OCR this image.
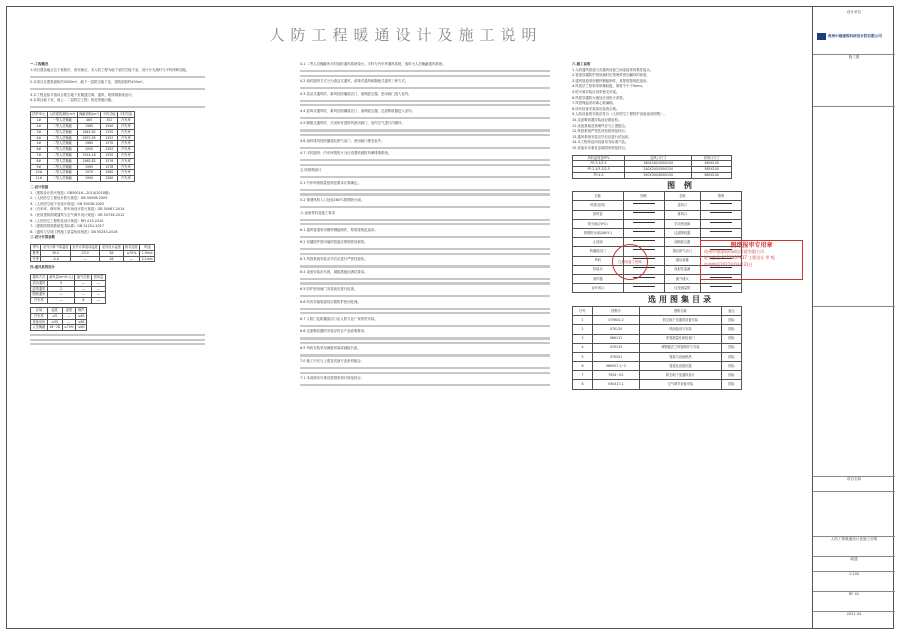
人防工程暖通设计及施工说明

一.工程概况

1.项目建设地点位于贵阳市，贵安新区，本人防工程为地下室防空地下室，设计分为战时与平时两种功能。

2.本项目总建筑面积约5000m²，地下一层防空地下室，建筑面积约450m²。

3.本工程包括平战结合防空地下室暖通空调、通风、防排烟系统设计。

4.本项目地下室，地上：二层防空工程；防化等级丙级。

防护单元	人防建筑面积(m²)	掩蔽面积(m²)	平时功能	平时功能
1#	一等人员掩蔽	465	352	汽车库
2#	二等人员掩蔽	1980	1590	汽车库
3#	二等人员掩蔽	1645.82	1330	汽车库
4#	二等人员掩蔽	1672.95	1352	汽车库
5#	二等人员掩蔽	1980	1570	汽车库
6#	二等人员掩蔽	2000	1592	汽车库
7#	二等人员掩蔽	1914.18	1550	汽车库
8#	二等人员掩蔽	1985.82	1576	汽车库
9#	二等人员掩蔽	1990	1578	汽车库
10#	二等人员掩蔽	1970	1560	汽车库
11#	二等人员掩蔽	1990	1580	汽车库

二.设计依据

1.《建筑设计防火规范》GB50016—2014(2018版)

2.《人民防空工程设计防火规范》GB 50098-2009

3.《人民防空地下室设计规范》GB 50038-2005

4.《汽车库、修车库、停车场设计防火规范》GB 50067-2014

5.《民用建筑供暖通风与空气调节设计规范》GB 50736-2012

6.《人民防空工程防化设计规范》RFJ 013-2010

7.《建筑防排烟系统技术标准》GB 51251-2017

8.《通风与空调工程施工质量验收规范》GB 50243-2016

三.设计计算参数

季节	室外计算干球温度	室外计算湿球温度	室内设计温度	相对湿度	风速
夏季	30.0	23.0	28	≤70%	1.9m/s
冬季	-4.0	—	16	—	2.1m/s

四.通风系统设计

通风方式	新风量(m³/h·人)	换气次数	排风量
清洁通风	5	—	—
滤毒通风	2	—	—
隔绝通风	—	—	—
汽车库	—	6	—
区域	温度	湿度	噪声
汽车库	≥5	—	≤65
设备用房	≤35	—	≤65
人员掩蔽	16~28	≤70%	≤60

4.1 二等人员掩蔽所平时战时通风系统设计。平时为汽车库通风系统，战时为人员掩蔽通风系统。

4.2 战时通风方式分为清洁式通风、滤毒式通风和隔绝式通风三种方式。

4.3 清洁式通风时，新风经防爆波活门、油网滤尘器、密闭阀门进入室内。

4.4 滤毒式通风时，新风经防爆波活门、油网滤尘器、过滤吸收器进入室内。

4.5 隔绝式通风时，关闭所有进排风密闭阀门，室内空气进行内循环。

4.6 战时排风经防爆超压排气活门、密闭阀门排至室外。

4.7 平时通风：汽车库按防火分区设置机械排风兼排烟系统。

五.防排烟设计

5.1 汽车库排烟量按规范要求计算确定。

5.2 排烟风机入口处设280℃排烟防火阀。

六.设备材料及施工要求

6.1 通风管道采用镀锌钢板制作，厚度按规范选用。

6.2 穿越防护密闭墙的管道应预埋密闭套管。

6.3 风管系统安装完毕后应进行严密性检验。

6.4 设备安装应牢固，减振措施应满足要求。

6.5 防护密闭阀门安装前应进行检查。

6.6 所有穿墙管道均应做防护密闭处理。

6.7 人防门及防爆波活门由人防专业厂家供货安装。

6.8 过滤吸收器的安装应符合产品说明要求。

6.9 风机安装采用减振吊架或减振台座。

7.0 施工中应与土建及其他专业密切配合。

7.1 本说明未尽事宜按国家现行规范执行。

六.施工说明

1.人防通风管道与各通风设备之间连接采用柔性接头。

2.管道穿越防护密闭墙时应预埋带密闭翼环的套管。

3.通风管道采用镀锌钢板制作，其厚度按规范选用。

4.风管法兰垫料采用橡胶板，厚度不小于5mm。

5.防火阀安装应设单独支吊架。

6.风管穿越防火墙处应设防火套管。

7.风管保温采用离心玻璃棉。

8.所有设备安装前应检查合格。

9.人防设备的安装应符合《人民防空工程防护设备选用图集》。

10.过滤吸收器安装前应做检验。

11.设备基础及预埋件应与土建配合。

12.风管系统严密性试验按规范执行。

13.通风系统安装完毕后应进行试运转。

14.本工程所选用设备均为标准产品。

15.其他未尽事宜参照国家规范执行。

风机盘管及FPV	送风口尺寸	回风口尺寸
FP-3.2/2.5	180X180/400X100	460X140
FP-2.5/3.2/2.5	240X240/500X150	585X140
FP-4.5	300X300/800X150	685X140
图 例
名称	图例	名称	图例
风管(送风)		送风口	
排风管		排风口	
防火阀(70℃)		手动密闭阀	
排烟防火阀(280℃)		过滤吸收器	
止回阀		油网滤尘器	
防爆波活门		超压排气活门	
风机		测压装置	
软接头		放射性监测	
消声器		换气堵头	
百叶风口		压差测量管	
选用图集目录
序号	图集号	图集名称	备注
1	07FK02-2	防空地下室通风设备安装	国标
2	07K120	风阀选用与安装	国标
3	06K131	风管测量孔和检查门	国标
4	07K133	薄钢板法兰风管制作与安装	国标
5	07K201	管道与设备绝热	国标
6	08K507-1~2	管道及设备抗震	国标
7	FK01~02	防空地下室通风设计	国标
8	05K417-1	空气调节设备安装	国标
图纸报审专用章
贵州中建建筑科研设计院有限公司
证书编号 A111007917 工程设计 甲 级
有效期至2022年03月31日
注册设备工程师
设计单位
贵州中建建筑科研设计院有限公司
施工图
项目名称
人防工程暖通设计及施工说明
暖通
1:100
RF-01
2021.04
